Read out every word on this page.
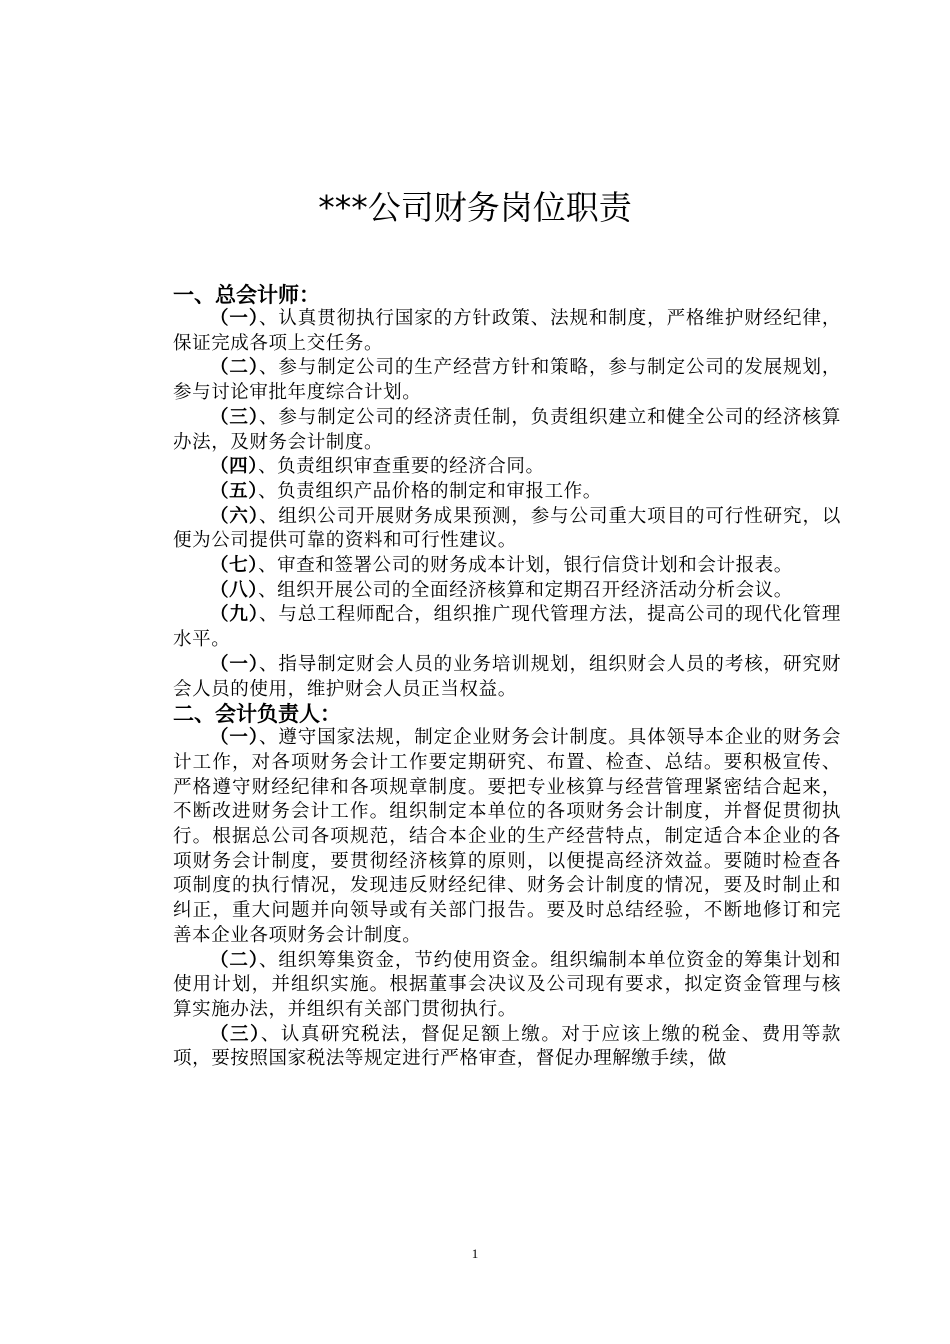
***公司财务岗位职责
一、总会计师：
（一）、认真贯彻执行国家的方针政策、法规和制度，严格维护财经纪律，保证完成各项上交任务。
（二）、参与制定公司的生产经营方针和策略，参与制定公司的发展规划，参与讨论审批年度综合计划。
（三）、参与制定公司的经济责任制，负责组织建立和健全公司的经济核算办法，及财务会计制度。
（四）、负责组织审查重要的经济合同。
（五）、负责组织产品价格的制定和审报工作。
（六）、组织公司开展财务成果预测，参与公司重大项目的可行性研究，以便为公司提供可靠的资料和可行性建议。
（七）、审查和签署公司的财务成本计划，银行信贷计划和会计报表。
（八）、组织开展公司的全面经济核算和定期召开经济活动分析会议。
（九）、与总工程师配合，组织推广现代管理方法，提高公司的现代化管理水平。
（一）、指导制定财会人员的业务培训规划，组织财会人员的考核，研究财会人员的使用，维护财会人员正当权益。
二、会计负责人：
（一）、遵守国家法规，制定企业财务会计制度。具体领导本企业的财务会计工作，对各项财务会计工作要定期研究、布置、检查、总结。要积极宣传、严格遵守财经纪律和各项规章制度。要把专业核算与经营管理紧密结合起来，不断改进财务会计工作。组织制定本单位的各项财务会计制度，并督促贯彻执行。根据总公司各项规范，结合本企业的生产经营特点，制定适合本企业的各项财务会计制度，要贯彻经济核算的原则，以便提高经济效益。要随时检查各项制度的执行情况，发现违反财经纪律、财务会计制度的情况，要及时制止和纠正，重大问题并向领导或有关部门报告。要及时总结经验，不断地修订和完善本企业各项财务会计制度。
（二）、组织筹集资金，节约使用资金。组织编制本单位资金的筹集计划和使用计划，并组织实施。根据董事会决议及公司现有要求，拟定资金管理与核算实施办法，并组织有关部门贯彻执行。
（三）、认真研究税法，督促足额上缴。对于应该上缴的税金、费用等款项，要按照国家税法等规定进行严格审查，督促办理解缴手续，做
1
